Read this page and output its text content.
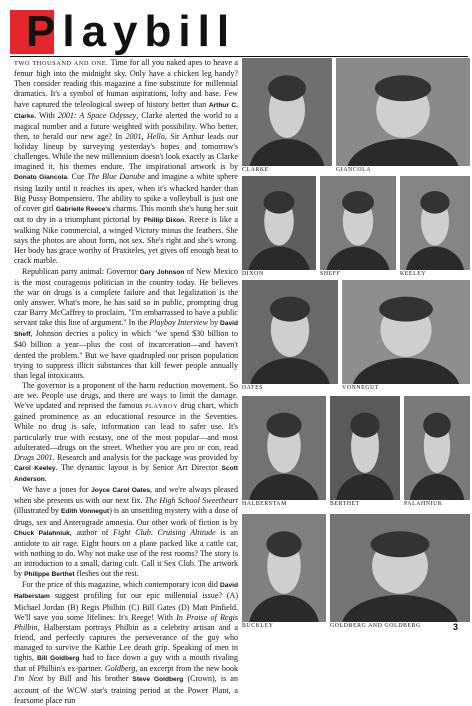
Playbill

TWO THOUSAND AND ONE. Time for all you naked apes to heave a femur high into the midnight sky. Only have a chicken leg handy? Then consider reading this magazine a fine substitute for millennial dramatics. It's a symbol of human aspirations, lofty and base. Few have captured the teleological sweep of history better than Arthur C. Clarke. With 2001: A Space Odyssey, Clarke alerted the world to a magical number and a future weighted with possibility. Who better, then, to herald our new age? In 2001, Hello, Sir Arthur leads our holiday lineup by surveying yesterday's hopes and tomorrow's challenges. While the new millennium doesn't look exactly as Clarke imagined it, his themes endure. The inspirational artwork is by Donato Giancola. Cue The Blue Danube and imagine a white sphere rising lazily until it reaches its apex, when it's whacked harder than Big Pussy Bompensiero. The ability to spike a volleyball is just one of cover girl Gabrielle Reece's charms. This month she's hung her suit out to dry in a triumphant pictorial by Phillip Dixon. Reece is like a walking Nike commercial, a winged Victory minus the feathers. She says the photos are about form, not sex. She's right and she's wrong. Her body has grace worthy of Praxiteles, yet gives off enough heat to crack marble.

Republican party animal: Governor Gary Johnson of New Mexico is the most courageous politician in the country today. He believes the war on drugs is a complete failure and that legalization is the only answer. What's more, he has said so in public, prompting drug czar Barry McCaffrey to proclaim, "I'm embarrassed to have a public servant take this line of argument." In the Playboy Interview by David Sheff, Johnson decries a policy in which "we spend $30 billion to $40 billion a year—plus the cost of incarceration—and haven't dented the problem." But we have quadrupled our prison population trying to suppress illicit substances that kill fewer people annually than legal intoxicants.

The governor is a proponent of the harm reduction movement. So are we. People use drugs, and there are ways to limit the damage. We've updated and reprised the famous PLAYBOY drug chart, which gained prominence as an educational resource in the Seventies. While no drug is safe, information can lead to safer use. It's particularly true with ecstasy, one of the most popular—and most adulterated—drugs on the street. Whether you are pro or con, read Drugs 2001. Research and analysis for the package was provided by Carol Keeley. The dynamic layout is by Senior Art Director Scott Anderson.

We have a jones for Joyce Carol Oates, and we're always pleased when she presents us with our next fix. The High School Sweetheart (illustrated by Edith Vonnegut) is an unsettling mystery with a dose of drugs, sex and Anterograde amnesia. Our other work of fiction is by Chuck Palahniuk, author of Fight Club. Cruising Altitude is an antidote to air rage. Eight hours on a plane packed like a cattle car, with nothing to do. Why not make use of the rest rooms? The story is an introduction to a small, daring cult. Call it Sex Club. The artwork by Philippe Berthet fleshes out the rest.

For the price of this magazine, which contemporary icon did David Halberstam suggest profiling for our epic millennial issue? (A) Michael Jordan (B) Regis Philbin (C) Bill Gates (D) Matt Pinfield. We'll save you some lifelines: It's Reege! With In Praise of Regis Philbin, Halberstam portrays Philbin as a celebrity artisan and a friend, and perfectly captures the perseverance of the guy who managed to survive the Kathie Lee death grip. Speaking of men in tights, Bill Goldberg had to face down a guy with a mouth rivaling that of Philbin's ex-partner. Goldberg, an excerpt from the new book I'm Next by Bill and his brother Steve Goldberg (Crown), is an account of the WCW star's training period at the Power Plant, a fearsome place run

CLARKE	GIANCOLA
DIXON	SHEFF	KEELEY
OATES	VONNEGUT
HALBERSTAM	BERTHET	PALAHNIUK
BUCKLEY	GOLDBERG AND GOLDBERG	3
